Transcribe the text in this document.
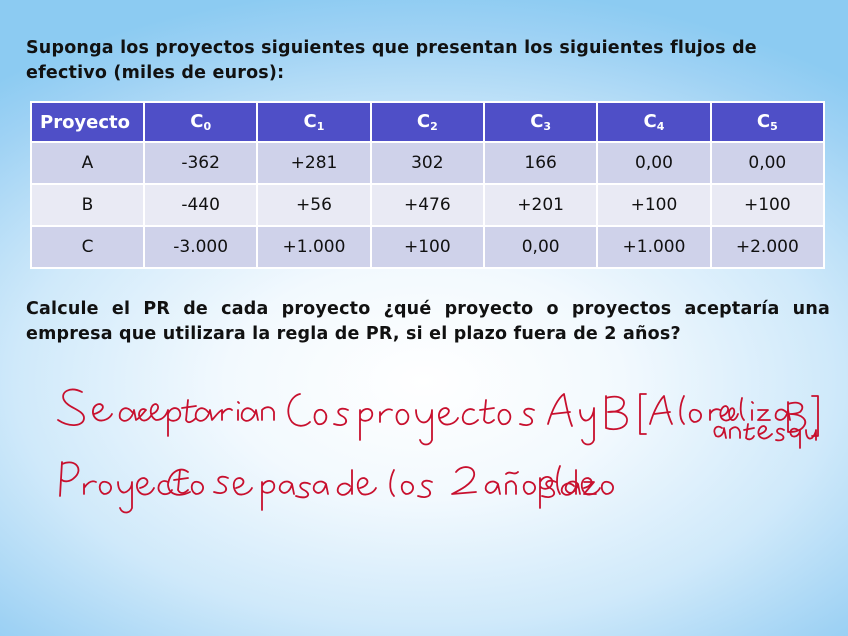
Suponga los proyectos siguientes que presentan los siguientes flujos de efectivo (miles de euros):
Proyecto	$C_0$	$C_1$	$C_2$	$C_3$	$C_4$	$C_5$
A	-362	+281	302	166	0,00	0,00
B	-440	+56	+476	+201	+100	+100
C	-3.000	+1.000	+100	0,00	+1.000	+2.000
Calcule el PR de cada proyecto ¿qué proyecto o proyectos aceptaría una empresa que utilizara la regla de PR, si el plazo fuera de 2 años?
